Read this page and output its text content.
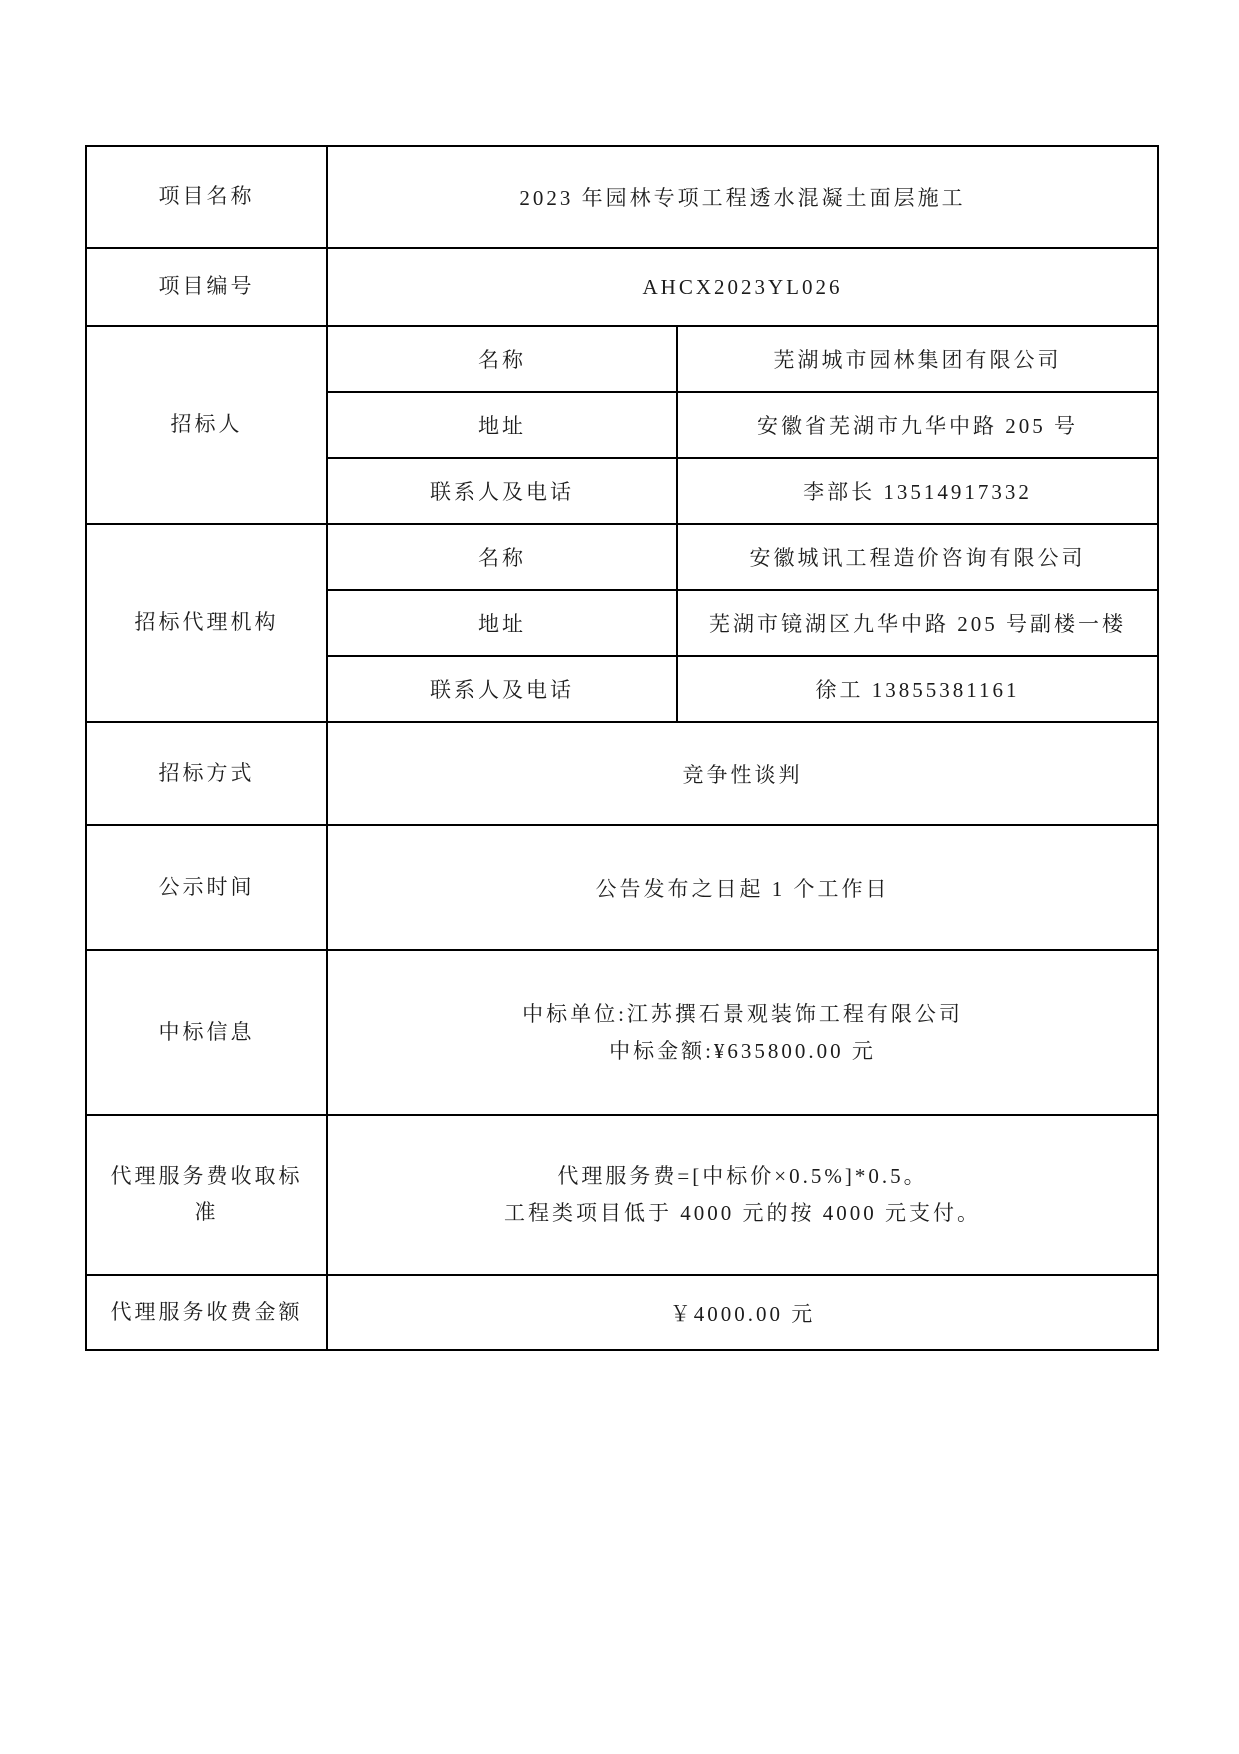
项目名称	2023 年园林专项工程透水混凝土面层施工	
项目编号	AHCX2023YL026	
招标人	名称	芜湖城市园林集团有限公司
	地址	安徽省芜湖市九华中路 205 号
	联系人及电话	李部长 13514917332
招标代理机构	名称	安徽城讯工程造价咨询有限公司
	地址	芜湖市镜湖区九华中路 205 号副楼一楼
	联系人及电话	徐工 13855381161
招标方式	竞争性谈判	
公示时间	公告发布之日起 1 个工作日	
中标信息	中标单位:江苏撰石景观装饰工程有限公司
中标金额:¥635800.00 元	

代理服务费收取标准	代理服务费=[中标价×0.5%]*0.5。
工程类项目低于 4000 元的按 4000 元支付。	

代理服务收费金额	￥4000.00 元	
